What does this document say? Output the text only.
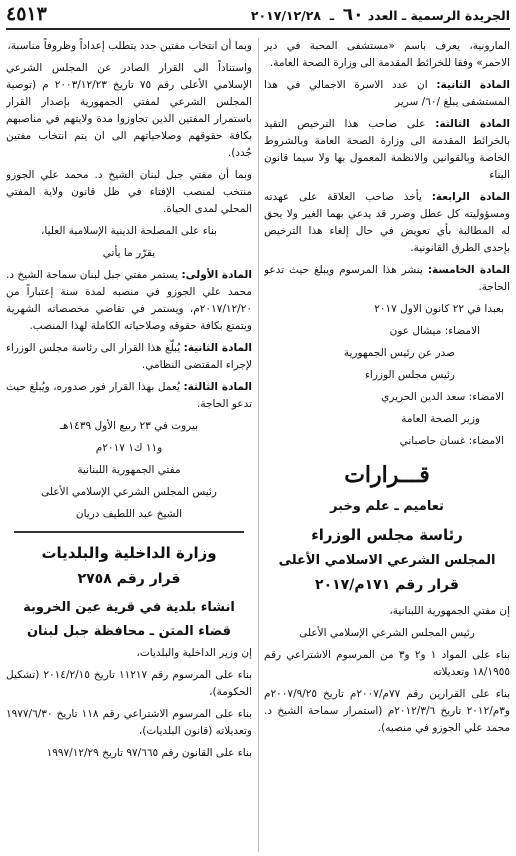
الجريدة الرسمية ـ العدد ٦٠  ـ  ٢٠١٧/١٢/٢٨
٤٥١٣

المارونية، يعرف باسم «مستشفى المحبة في دير الاحمر» وفقا للخرائط المقدمة الى وزارة الصحة العامة.

المادة الثانية: ان عدد الاسرة الاجمالي في هذا المستشفى يبلغ /٦٠/ سرير

المادة الثالثة: على صاحب هذا الترخيص التقيد بالخرائط المقدمة الى وزارة الصحة العامة وبالشروط الخاصة وبالقوانين والانظمة المعمول بها ولا سيما قانون البناء

المادة الرابعة: يأخذ صاحب العلاقة على عهدته ومسؤوليته كل عطل وضرر قد يدعي بهما الغير ولا يحق له المطالبة بأي تعويض في حال إلغاء هذا الترخيص بإحدى الطرق القانونية.

المادة الخامسة: ينشر هذا المرسوم ويبلغ حيث تدعو الحاجة.

بعبدا في ٢٢ كانون الاول ٢٠١٧

الامضاء: ميشال عون

صدر عن رئيس الجمهورية

رئيس مجلس الوزراء

الامضاء: سعد الدين الحريري

وزير الصحة العامة

الامضاء: غسان حاصباني

قـــرارات
تعاميم ـ علم وخبر
رئاسة مجلس الوزراء
المجلس الشرعي الاسلامي الأعلى
قرار رقم ١٧١م/٢٠١٧

إن مفتي الجمهورية اللبنانية،

رئيس المجلس الشرعي الإسلامي الأعلى

بناء على المواد ١ و٢ و٣ من المرسوم الاشتراعي رقم ١٨/١٩٥٥ وتعديلاته

بناء على القرارين رقم ٧٧م/٢٠٠٧م تاريخ ٢٠٠٧/٩/٢٥م و٣م/٢٠١٢ تاريخ ٢٠١٢/٣/٦م (استمرار سماحة الشيخ د. محمد علي الجوزو في منصبه).

وبما أن انتخاب مفتين جدد يتطلب إعداداً وظروفاً مناسبة،

واستناداً الى القرار الصادر عن المجلس الشرعي الإسلامي الأعلى رقم ٧٥ تاريخ ٢٠٠٣/١٢/٢٣ م (توصية المجلس الشرعي لمفتي الجمهورية بإصدار القرار باستمرار المفتين الذين تجاوزوا مدة ولايتهم في مناصبهم بكافة حقوقهم وصلاحياتهم الى ان يتم انتخاب مفتين جُدد).

وبما أن مفتي جبل لبنان الشيخ د. محمد علي الجوزو منتخب لمنصب الإفتاء في ظل قانون ولاية المفتي المحلي لمدى الحياة.

بناء على المصلحة الدينية الإسلامية العليا،

يقرّر ما يأتي

المادة الأولى: يستمر مفتي جبل لبنان سماحة الشيخ د. محمد علي الجوزو في منصبه لمدة سنة إعتباراً من ٢٠١٧/١٢/٢٠م، ويستمر في تقاضي مخصصاته الشهرية ويتمتع بكافة حقوقه وصلاحياته الكاملة لهذا المنصب.

المادة الثانية: يُبلّغ هذا القرار الى رئاسة مجلس الوزراء لإجراء المقتضى النظامي.

المادة الثالثة: يُعمل بهذا القرار فور صدوره، ويُبلغ حيث تدعو الحاجة.

بيروت في ٢٣ ربيع الأول ١٤٣٩هـ

و١١ ك١ ٢٠١٧م

مفتي الجمهورية اللبنانية

رئيس المجلس الشرعي الإسلامي الأعلى

الشيخ عبد اللطيف دريان

وزارة الداخلية والبلديات
قرار رقم ٢٧٥٨
انشاء بلدية في قرية عين الخروبة
قضاء المتن ـ محافظة جبل لبنان

إن وزير الداخلية والبلديات،

بناء على المرسوم رقم ١١٢١٧ تاريخ ٢٠١٤/٢/١٥ (تشكيل الحكومة)،

بناء على المرسوم الاشتراعي رقم ١١٨ تاريخ ١٩٧٧/٦/٣٠ وتعديلاته (قانون البلديات)،

بناء على القانون رقم ٩٧/٦٦٥ تاريخ ١٩٩٧/١٢/٢٩
